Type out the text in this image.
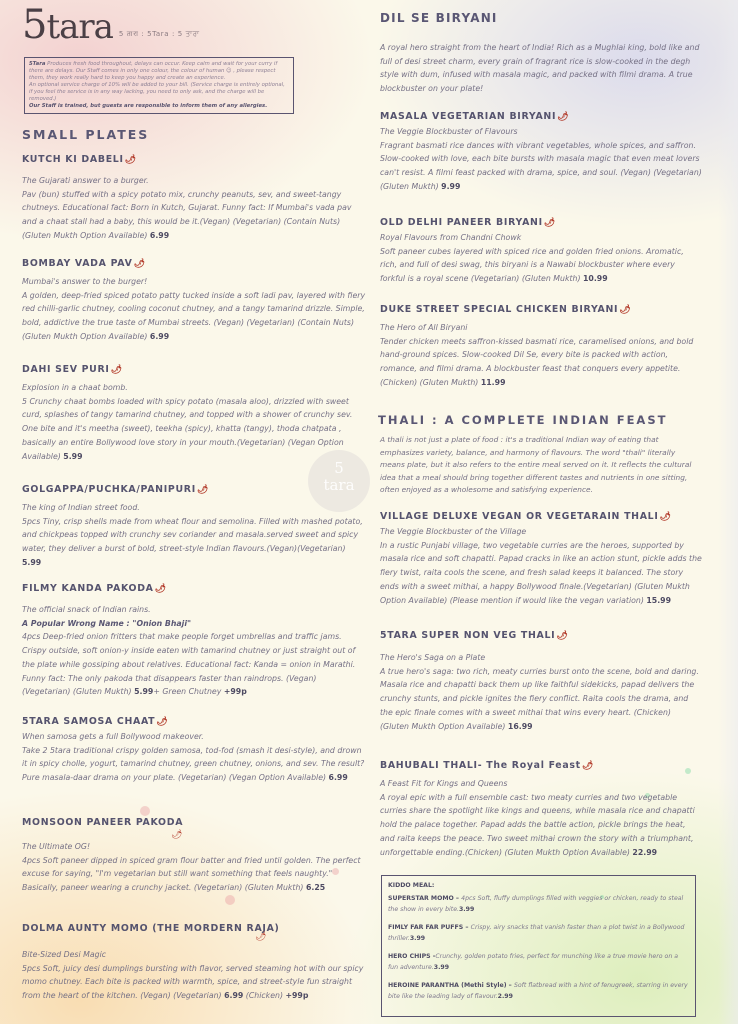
5tara 5 तारा : 5Tara : 5 ਤਾਰਾ
5Tara Produces fresh food throughout, delays can occur. Keep calm and wait for your curry if there are delays. Our Staff comes in only one colour, the colour of human ☺ , please respect them, they work really hard to keep you happy and create an experience.
An optional service charge of 10% will be added to your bill. (Service charge is entirely optional, if you feel the service is in any way lacking, you need to only ask, and the charge will be removed.)
Our Staff is trained, but guests are responsible to inform them of any allergies.
5
tara
SMALL PLATES

KUTCH KI DABELI🌶

The Gujarati answer to a burger.

Pav (bun) stuffed with a spicy potato mix, crunchy peanuts, sev, and sweet-tangy chutneys. Educational fact: Born in Kutch, Gujarat. Funny fact: If Mumbai's vada pav and a chaat stall had a baby, this would be it.(Vegan) (Vegetarian) (Contain Nuts) (Gluten Mukth Option Available) 6.99

BOMBAY VADA PAV🌶

Mumbai's answer to the burger!

A golden, deep-fried spiced potato patty tucked inside a soft ladi pav, layered with fiery red chilli-garlic chutney, cooling coconut chutney, and a tangy tamarind drizzle. Simple, bold, addictive the true taste of Mumbai streets. (Vegan) (Vegetarian) (Contain Nuts) (Gluten Mukth Option Available) 6.99

DAHI SEV PURI🌶

Explosion in a chaat bomb.

5 Crunchy chaat bombs loaded with spicy potato (masala aloo), drizzled with sweet curd, splashes of tangy tamarind chutney, and topped with a shower of crunchy sev. One bite and it's meetha (sweet), teekha (spicy), khatta (tangy), thoda chatpata , basically an entire Bollywood love story in your mouth.(Vegetarian) (Vegan Option Available) 5.99

GOLGAPPA/PUCHKA/PANIPURI🌶

The king of Indian street food.

5pcs Tiny, crisp shells made from wheat flour and semolina. Filled with mashed potato, and chickpeas topped with crunchy sev coriander and masala.served sweet and spicy water, they deliver a burst of bold, street-style Indian flavours.(Vegan)(Vegetarian) 5.99

FILMY KANDA PAKODA🌶

The official snack of Indian rains.
A Popular Wrong Name : "Onion Bhaji"

4pcs Deep-fried onion fritters that make people forget umbrellas and traffic jams. Crispy outside, soft onion-y inside eaten with tamarind chutney or just straight out of the plate while gossiping about relatives. Educational fact: Kanda = onion in Marathi. Funny fact: The only pakoda that disappears faster than raindrops. (Vegan) (Vegetarian) (Gluten Mukth) 5.99+ Green Chutney +99p

5TARA SAMOSA CHAAT🌶

When samosa gets a full Bollywood makeover.

Take 2 5tara traditional crispy golden samosa, tod-fod (smash it desi-style), and drown it in spicy cholle, yogurt, tamarind chutney, green chutney, onions, and sev. The result? Pure masala-daar drama on your plate. (Vegetarian) (Vegan Option Available) 6.99

MONSOON PANEER PAKODA

🌶
The Ultimate OG!

4pcs Soft paneer dipped in spiced gram flour batter and fried until golden. The perfect excuse for saying, "I'm vegetarian but still want something that feels naughty." Basically, paneer wearing a crunchy jacket. (Vegetarian) (Gluten Mukth) 6.25

DOLMA AUNTY MOMO (THE MORDERN RAJA)

🌶
Bite-Sized Desi Magic

5pcs Soft, juicy desi dumplings bursting with flavor, served steaming hot with our spicy momo chutney. Each bite is packed with warmth, spice, and street-style fun straight from the heart of the kitchen. (Vegan) (Vegetarian) 6.99 (Chicken) +99p

DIL SE BIRYANI

A royal hero straight from the heart of India! Rich as a Mughlai king, bold like and full of desi street charm, every grain of fragrant rice is slow-cooked in the degh style with dum, infused with masala magic, and packed with filmi drama. A true blockbuster on your plate!

MASALA VEGETARIAN BIRYANI🌶

The Veggie Blockbuster of Flavours

Fragrant basmati rice dances with vibrant vegetables, whole spices, and saffron. Slow-cooked with love, each bite bursts with masala magic that even meat lovers can't resist. A filmi feast packed with drama, spice, and soul. (Vegan) (Vegetarian)(Gluten Mukth) 9.99

OLD DELHI PANEER BIRYANI🌶

Royal Flavours from Chandni Chowk

Soft paneer cubes layered with spiced rice and golden fried onions. Aromatic, rich, and full of desi swag, this biryani is a Nawabi blockbuster where every forkful is a royal scene (Vegetarian) (Gluten Mukth) 10.99

DUKE STREET SPECIAL CHICKEN BIRYANI🌶

The Hero of All Biryani

Tender chicken meets saffron-kissed basmati rice, caramelised onions, and bold hand-ground spices. Slow-cooked Dil Se, every bite is packed with action, romance, and filmi drama. A blockbuster feast that conquers every appetite. (Chicken) (Gluten Mukth) 11.99

THALI : A COMPLETE INDIAN FEAST

A thali is not just a plate of food : it's a traditional Indian way of eating that emphasizes variety, balance, and harmony of flavours. The word "thali" literally means plate, but it also refers to the entire meal served on it. It reflects the cultural idea that a meal should bring together different tastes and nutrients in one sitting, often enjoyed as a wholesome and satisfying experience.

VILLAGE DELUXE VEGAN OR VEGETARAIN THALI🌶

The Veggie Blockbuster of the Village

In a rustic Punjabi village, two vegetable curries are the heroes, supported by masala rice and soft chapatti. Papad cracks in like an action stunt, pickle adds the fiery twist, raita cools the scene, and fresh salad keeps it balanced. The story ends with a sweet mithai, a happy Bollywood finale.(Vegetarian) (Gluten Mukth Option Available) (Please mention if would like the vegan variation) 15.99

5TARA SUPER NON VEG THALI🌶

The Hero's Saga on a Plate

A true hero's saga: two rich, meaty curries burst onto the scene, bold and daring. Masala rice and chapatti back them up like faithful sidekicks, papad delivers the crunchy stunts, and pickle ignites the fiery conflict. Raita cools the drama, and the epic finale comes with a sweet mithai that wins every heart. (Chicken) (Gluten Mukth Option Available) 16.99

BAHUBALI THALI- The Royal Feast🌶

A Feast Fit for Kings and Queens

A royal epic with a full ensemble cast: two meaty curries and two vegetable curries share the spotlight like kings and queens, while masala rice and chapatti hold the palace together. Papad adds the battle action, pickle brings the heat, and raita keeps the peace. Two sweet mithai crown the story with a triumphant, unforgettable ending.(Chicken) (Gluten Mukth Option Available) 22.99

KIDDO MEAL:

SUPERSTAR MOMO – 4pcs Soft, fluffy dumplings filled with veggies or chicken, ready to steal the show in every bite.3.99

FIMLY FAR FAR PUFFS – Crispy, airy snacks that vanish faster than a plot twist in a Bollywood thriller.3.99

HERO CHIPS -Crunchy, golden potato fries, perfect for munching like a true movie hero on a fun adventure.3.99

HEROINE PARANTHA (Methi Style) – Soft flatbread with a hint of fenugreek, starring in every bite like the leading lady of flavour.2.99
